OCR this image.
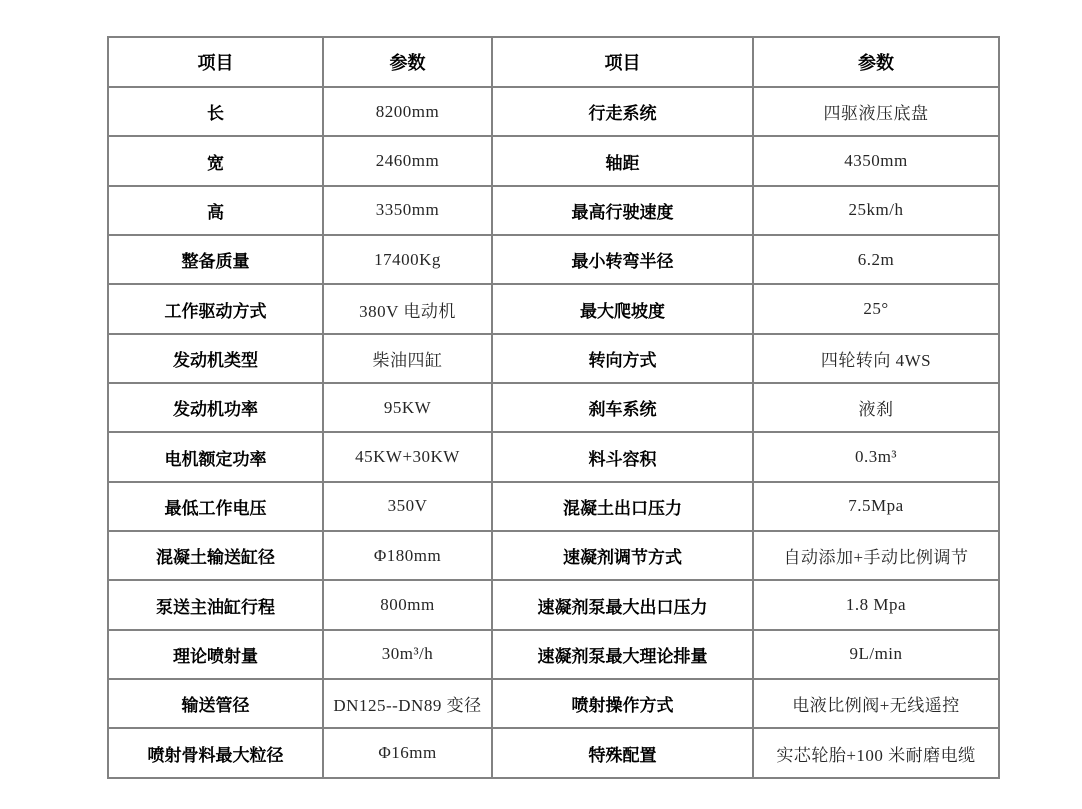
项目	参数	项目	参数
长	8200mm	行走系统	四驱液压底盘
宽	2460mm	轴距	4350mm
高	3350mm	最高行驶速度	25km/h
整备质量	17400Kg	最小转弯半径	6.2m
工作驱动方式	380V 电动机	最大爬坡度	25°
发动机类型	柴油四缸	转向方式	四轮转向 4WS
发动机功率	95KW	刹车系统	液刹
电机额定功率	45KW+30KW	料斗容积	0.3m³
最低工作电压	350V	混凝土出口压力	7.5Mpa
混凝土输送缸径	Φ180mm	速凝剂调节方式	自动添加+手动比例调节
泵送主油缸行程	800mm	速凝剂泵最大出口压力	1.8 Mpa
理论喷射量	30m³/h	速凝剂泵最大理论排量	9L/min
输送管径	DN125--DN89 变径	喷射操作方式	电液比例阀+无线遥控
喷射骨料最大粒径	Φ16mm	特殊配置	实芯轮胎+100 米耐磨电缆
